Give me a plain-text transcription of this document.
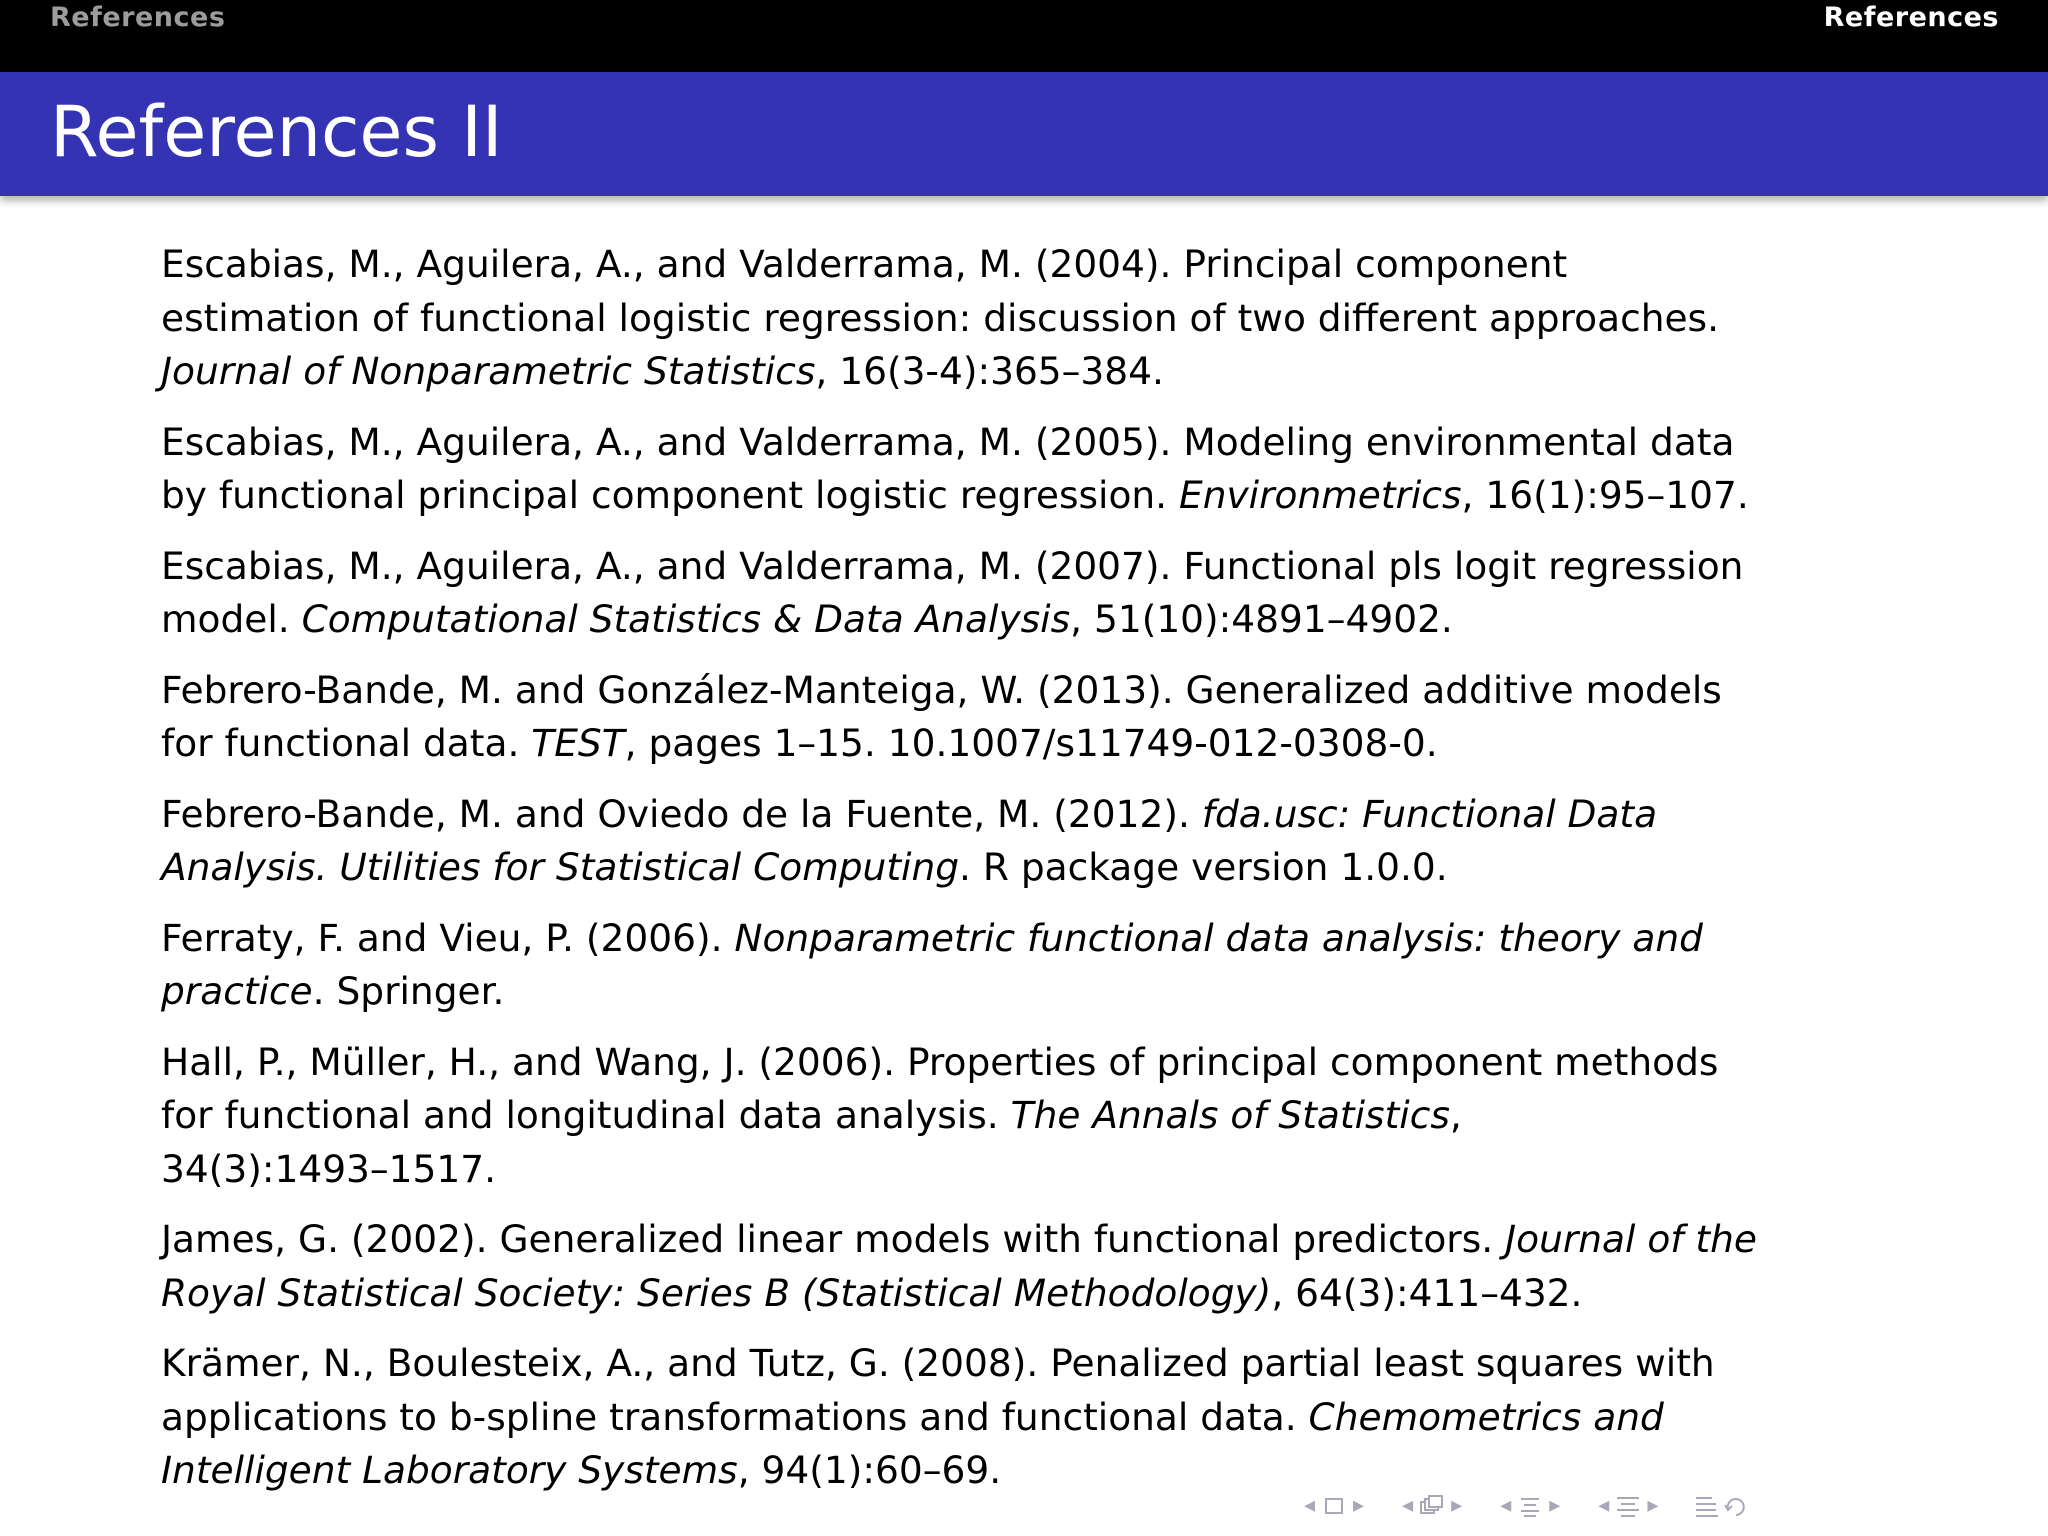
References	References
References II
Escabias, M., Aguilera, A., and Valderrama, M. (2004). Principal component
estimation of functional logistic regression: discussion of two different approaches.
Journal of Nonparametric Statistics, 16(3-4):365–384.
Escabias, M., Aguilera, A., and Valderrama, M. (2005). Modeling environmental data
by functional principal component logistic regression. Environmetrics, 16(1):95–107.
Escabias, M., Aguilera, A., and Valderrama, M. (2007). Functional pls logit regression
model. Computational Statistics & Data Analysis, 51(10):4891–4902.
Febrero-Bande, M. and González-Manteiga, W. (2013). Generalized additive models
for functional data. TEST, pages 1–15. 10.1007/s11749-012-0308-0.
Febrero-Bande, M. and Oviedo de la Fuente, M. (2012). fda.usc: Functional Data
Analysis. Utilities for Statistical Computing. R package version 1.0.0.
Ferraty, F. and Vieu, P. (2006). Nonparametric functional data analysis: theory and
practice. Springer.
Hall, P., Müller, H., and Wang, J. (2006). Properties of principal component methods
for functional and longitudinal data analysis. The Annals of Statistics,
34(3):1493–1517.
James, G. (2002). Generalized linear models with functional predictors. Journal of the
Royal Statistical Society: Series B (Statistical Methodology), 64(3):411–432.
Krämer, N., Boulesteix, A., and Tutz, G. (2008). Penalized partial least squares with
applications to b-spline transformations and functional data. Chemometrics and
Intelligent Laboratory Systems, 94(1):60–69.
◂ ▸ ◂ ▸ ◂ ▸ ◂ ▸
